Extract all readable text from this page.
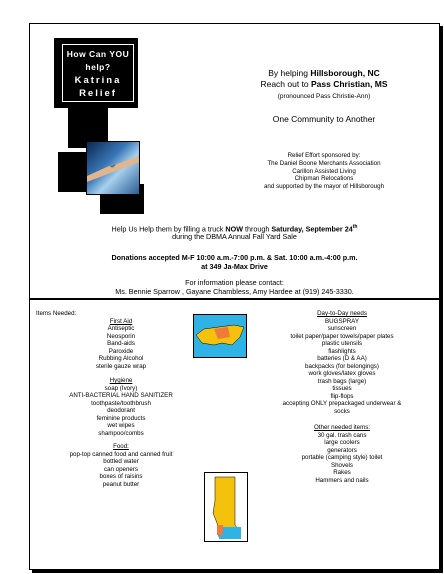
How Can YOU
help?
Katrina
Relief
By helping Hillsborough, NC
Reach out to Pass Christian, MS
(pronounced Pass Christie-Ann)
One Community to Another
Relief Effort sponsored by:
The Daniel Boone Merchants Association
Carillon Assisted Living
Chipman Relocations
and supported by the mayor of Hillsborough
Help Us Help them by filling a truck NOW through Saturday, September 24th
during the DBMA Annual Fall Yard Sale
Donations accepted M-F 10:00 a.m.-7:00 p.m. & Sat. 10:00 a.m.-4:00 p.m.
at 349 Ja-Max Drive
For information please contact:
Ms. Bennie Sparrow , Gayane Chambless, Amy Hardee at (919) 245-3330.
Items Needed:
First Aid
Antiseptic
Neosporin
Band-aids
Paroxide
Rubbing Alcohol
sterile gauze wrap
Hygiene
soap (Ivory)
ANTI-BACTERIAL HAND SANITIZER
toothpaste/toothbrush
deodorant
feminine products
wet wipes
shampoo/combs
Food:
pop-top canned food and canned fruit
bottled water
can openers
boxes of raisins
peanut butter
Day-to-Day needs
BUGSPRAY
sunscreen
toilet paper/paper towels/paper plates
plastic utensils
flashlights
batteries (D & AA)
backpacks (for belongings)
work gloves/latex gloves
trash bags (large)
tissues
flip-flops
accepting ONLY prepackaged underwear &
socks
Other needed items:
30 gal. trash cans
large coolers
generators
portable (camping style) toilet
Shovels
Rakes
Hammers and nails
